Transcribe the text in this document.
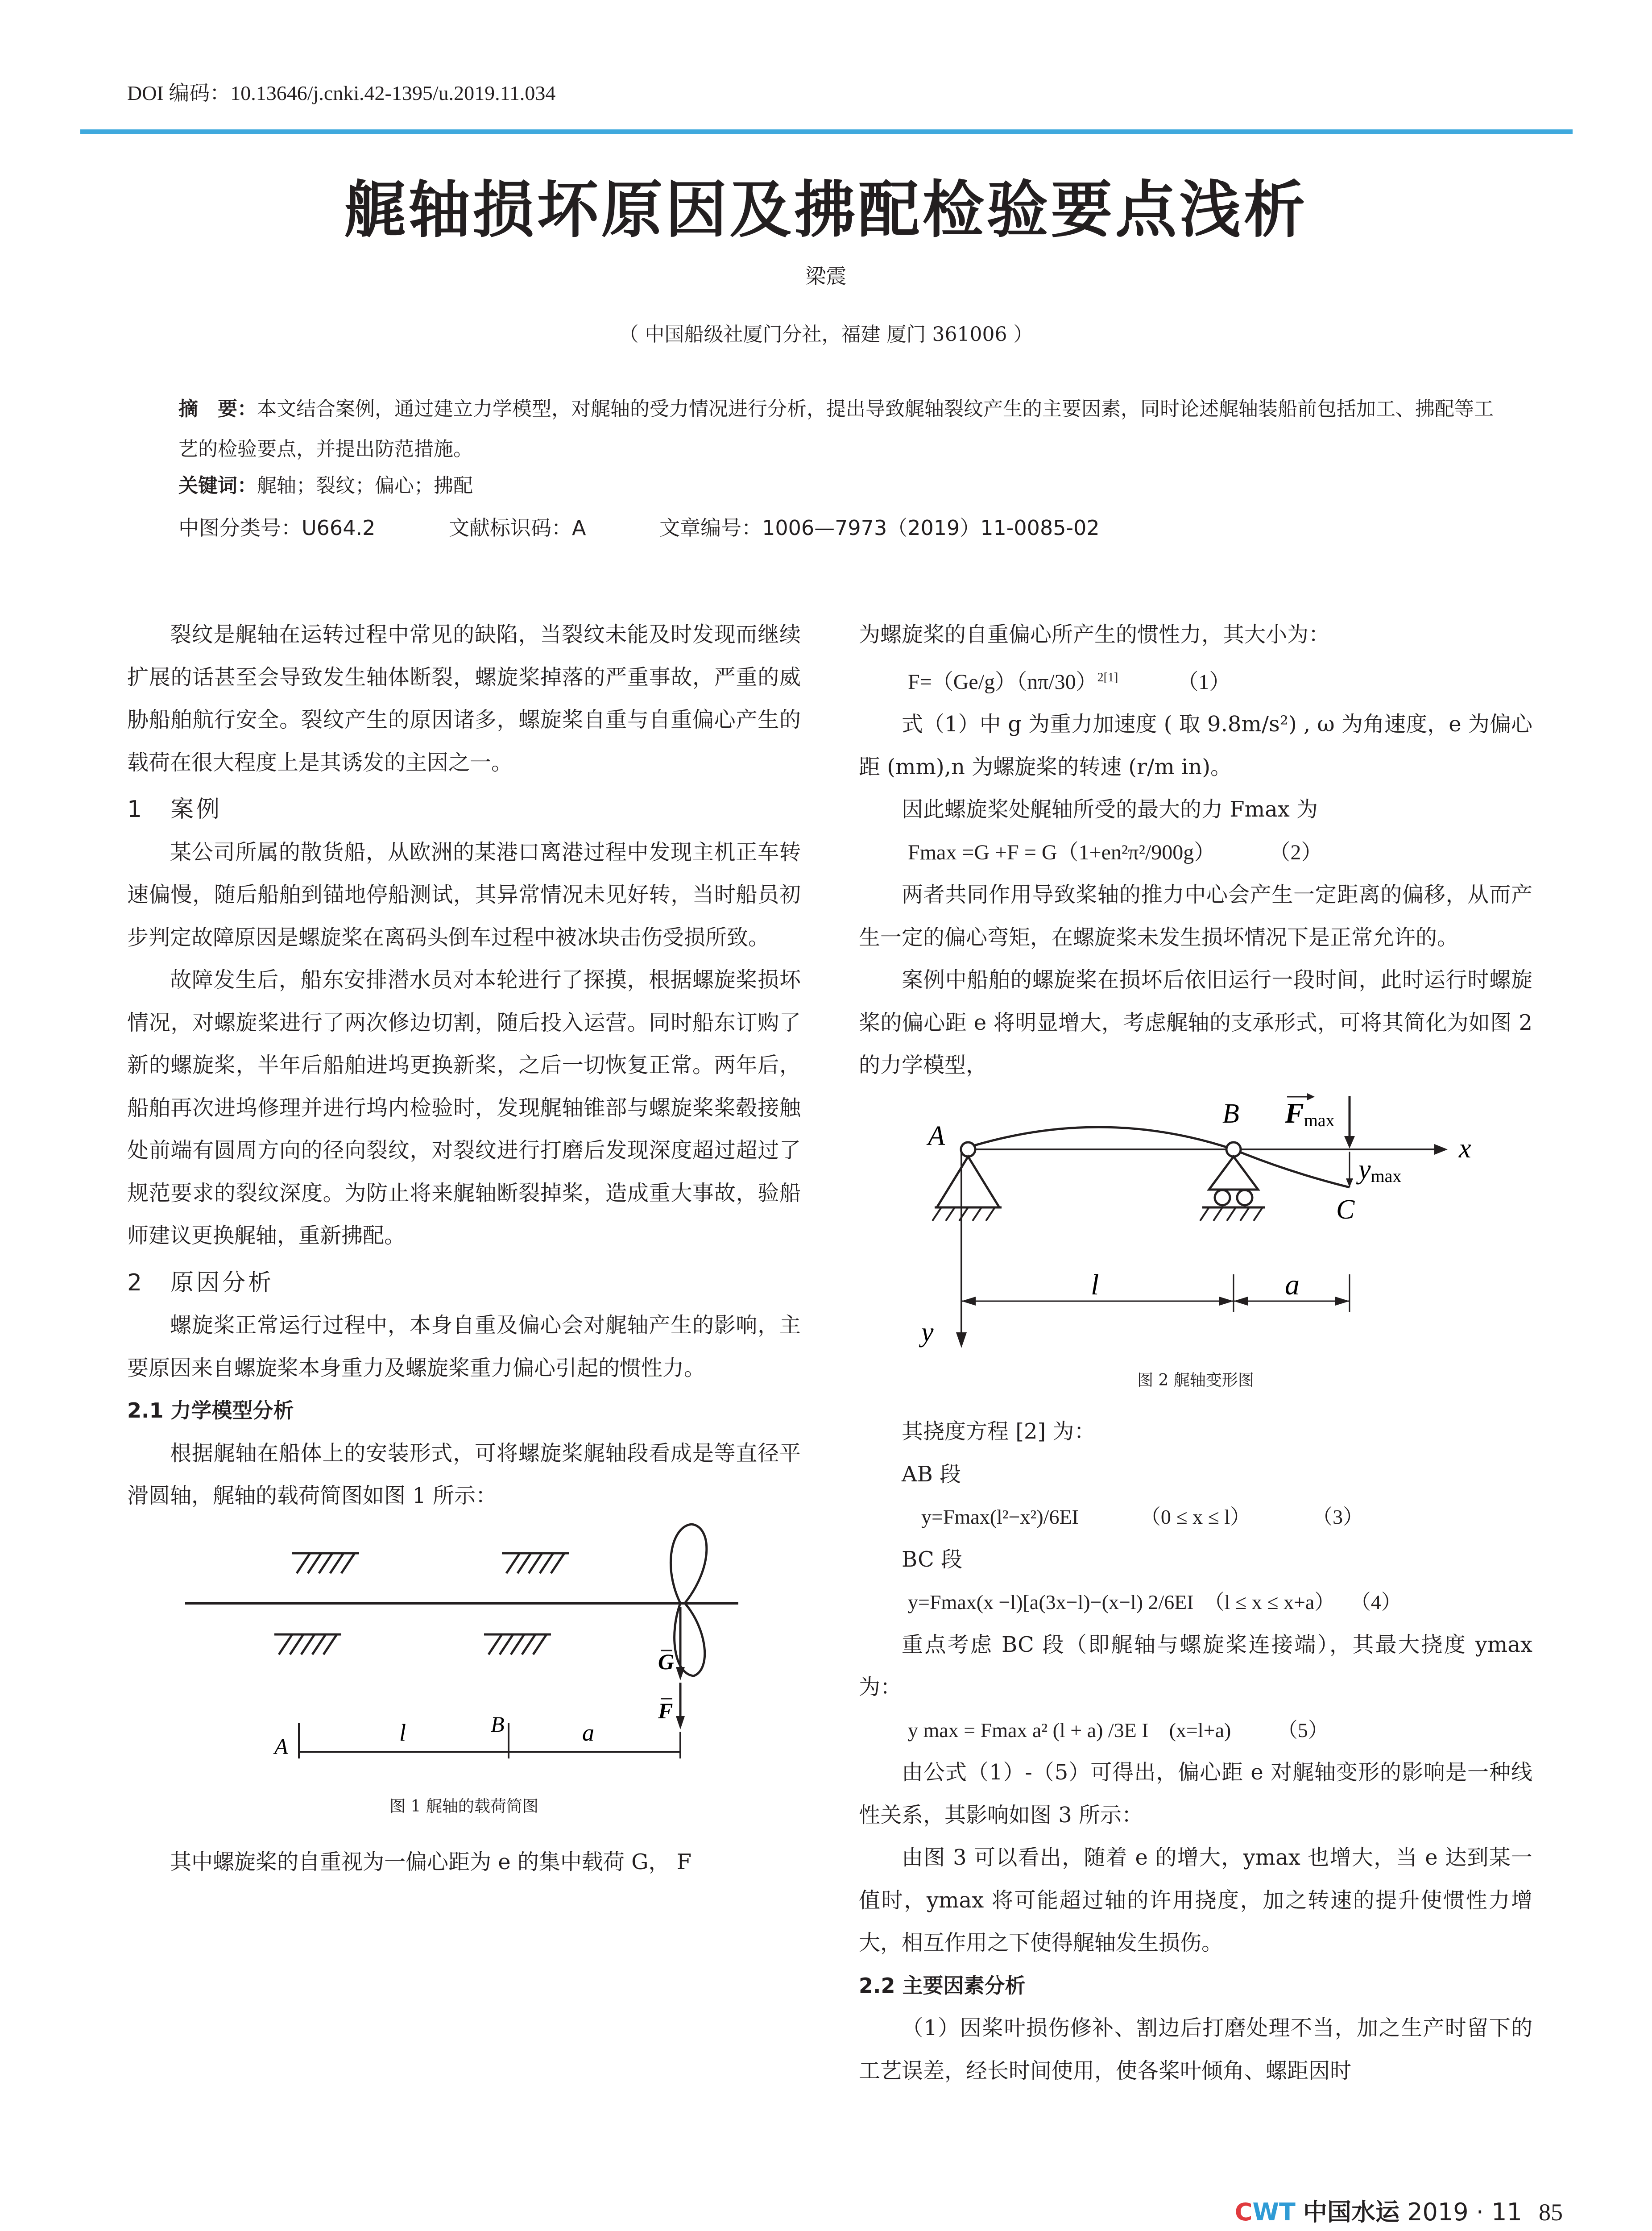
DOI 编码：10.13646/j.cnki.42-1395/u.2019.11.034
艉轴损坏原因及拂配检验要点浅析
梁震
（ 中国船级社厦门分社，福建 厦门 361006 ）
摘　要：本文结合案例，通过建立力学模型，对艉轴的受力情况进行分析，提出导致艉轴裂纹产生的主要因素，同时论述艉轴装船前包括加工、拂配等工艺的检验要点，并提出防范措施。
关键词：艉轴；裂纹；偏心；拂配
中图分类号：U664.2	文献标识码：A	文章编号：1006—7973（2019）11-0085-02

裂纹是艉轴在运转过程中常见的缺陷，当裂纹未能及时发现而继续扩展的话甚至会导致发生轴体断裂，螺旋桨掉落的严重事故，严重的威胁船舶航行安全。裂纹产生的原因诸多，螺旋桨自重与自重偏心产生的载荷在很大程度上是其诱发的主因之一。

1　案例

某公司所属的散货船，从欧洲的某港口离港过程中发现主机正车转速偏慢，随后船舶到锚地停船测试，其异常情况未见好转，当时船员初步判定故障原因是螺旋桨在离码头倒车过程中被冰块击伤受损所致。

故障发生后，船东安排潜水员对本轮进行了探摸，根据螺旋桨损坏情况，对螺旋桨进行了两次修边切割，随后投入运营。同时船东订购了新的螺旋桨，半年后船舶进坞更换新桨，之后一切恢复正常。两年后，船舶再次进坞修理并进行坞内检验时，发现艉轴锥部与螺旋桨桨毂接触处前端有圆周方向的径向裂纹，对裂纹进行打磨后发现深度超过超过了规范要求的裂纹深度。为防止将来艉轴断裂掉桨，造成重大事故，验船师建议更换艉轴，重新拂配。

2　原因分析

螺旋桨正常运行过程中，本身自重及偏心会对艉轴产生的影响，主要原因来自螺旋桨本身重力及螺旋桨重力偏心引起的惯性力。

2.1 力学模型分析

根据艉轴在船体上的安装形式，可将螺旋桨艉轴段看成是等直径平滑圆轴，艉轴的载荷简图如图 1 所示：

G
F
A
l	B	a

图 1 艉轴的载荷简图

其中螺旋桨的自重视为一偏心距为 e 的集中载荷 G， F

为螺旋桨的自重偏心所产生的惯性力，其大小为：

$F=(Ge/g)(n\pi/30)^{2[1]}$	（1）

式（1）中 g 为重力加速度 ( 取 9.8m/s²) , ω 为角速度，e 为偏心距 (mm),n 为螺旋桨的转速 (r/m in)。

因此螺旋桨处艉轴所受的最大的力 Fmax 为

Fmax =G +F = G（1+en²π²/900g）	（2）

两者共同作用导致桨轴的推力中心会产生一定距离的偏移，从而产生一定的偏心弯矩，在螺旋桨未发生损坏情况下是正常允许的。

案例中船舶的螺旋桨在损坏后依旧运行一段时间，此时运行时螺旋桨的偏心距 e 将明显增大，考虑艉轴的支承形式，可将其简化为如图 2 的力学模型，

x
y
A
B Fmax
ymax
C
l	a

图 2 艉轴变形图

其挠度方程 [2] 为：

AB 段

y=Fmax(l²−x²)/6EI            （0 ≤ x ≤ l）            （3）

BC 段

y=Fmax(x −l)[a(3x−l)−(x−l) 2/6EI  （l ≤ x ≤ x+a）   （4）

重点考虑 BC 段（即艉轴与螺旋桨连接端），其最大挠度 ymax 为：

y max = Fmax a² (l + a) /3E I    (x=l+a)         （5）

由公式（1）-（5）可得出，偏心距 e 对艉轴变形的影响是一种线性关系，其影响如图 3 所示：

由图 3 可以看出，随着 e 的增大，ymax 也增大，当 e 达到某一值时，ymax 将可能超过轴的许用挠度，加之转速的提升使惯性力增大，相互作用之下使得艉轴发生损伤。

2.2 主要因素分析

（1）因桨叶损伤修补、割边后打磨处理不当，加之生产时留下的工艺误差，经长时间使用，使各桨叶倾角、螺距因时

CWT 中国水运 2019 · 11 85
